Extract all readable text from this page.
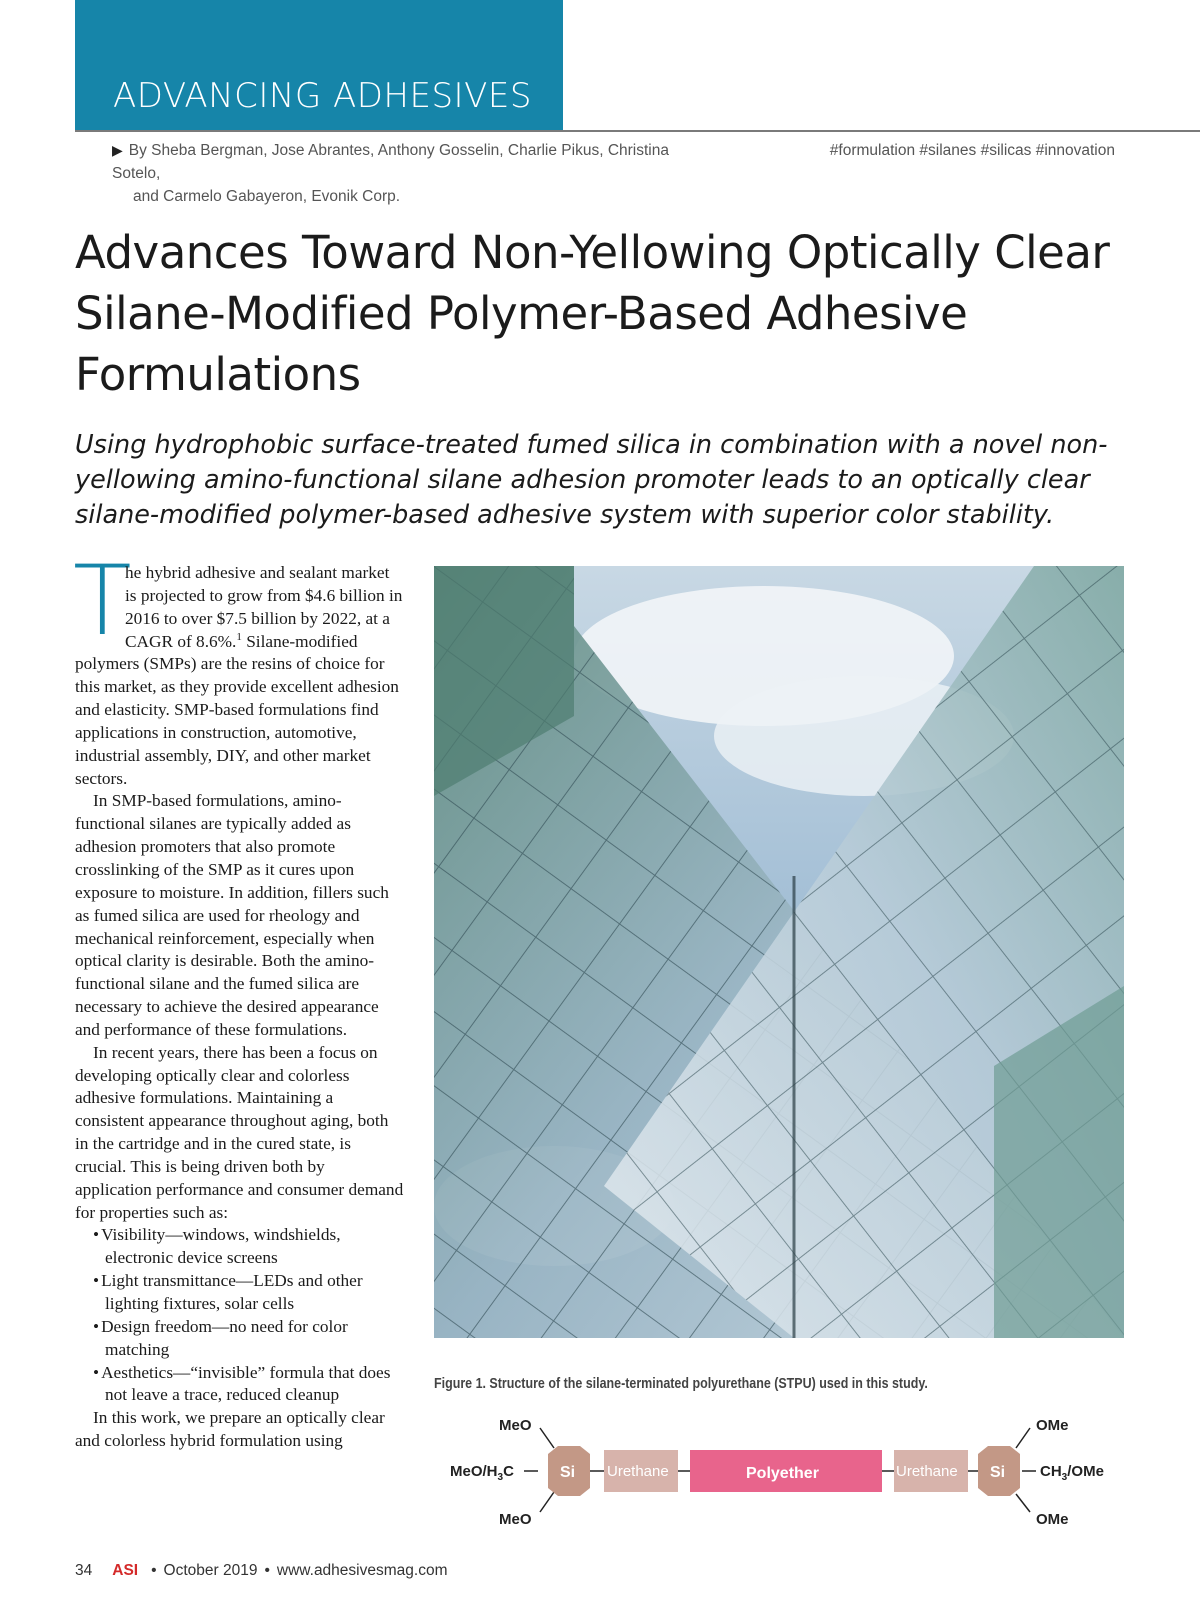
ADVANCING ADHESIVES
▶ By Sheba Bergman, Jose Abrantes, Anthony Gosselin, Charlie Pikus, Christina Sotelo,
and Carmelo Gabayeron, Evonik Corp.
#formulation #silanes #silicas #innovation
Advances Toward Non-Yellowing Optically Clear Silane-Modified Polymer-Based Adhesive Formulations
Using hydrophobic surface-treated fumed silica in combination with a novel non-yellowing amino-functional silane adhesion promoter leads to an optically clear silane-modified polymer-based adhesive system with superior color stability.

T
he hybrid adhesive and sealant market is projected to grow from $4.6 billion in 2016 to over $7.5 billion by 2022, at a CAGR of 8.6%.$^1$ Silane-modified polymers (SMPs) are the resins of choice for this market, as they provide excellent adhesion and elasticity. SMP-based formulations find applications in construction, automotive, industrial assembly, DIY, and other market sectors.

In SMP-based formulations, amino-functional silanes are typically added as adhesion promoters that also promote crosslinking of the SMP as it cures upon exposure to moisture. In addition, fillers such as fumed silica are used for rheology and mechanical reinforcement, especially when optical clarity is desirable. Both the amino-functional silane and the fumed silica are necessary to achieve the desired appearance and performance of these formulations.

In recent years, there has been a focus on developing optically clear and colorless adhesive formulations. Maintaining a consistent appearance throughout aging, both in the cartridge and in the cured state, is crucial. This is being driven both by application performance and consumer demand for properties such as:

• Visibility—windows, windshields, electronic device screens
• Light transmittance—LEDs and other lighting fixtures, solar cells
• Design freedom—no need for color matching
• Aesthetics—“invisible” formula that does not leave a trace, reduced cleanup

In this work, we prepare an optically clear and colorless hybrid formulation using

Figure 1. Structure of the silane-terminated polyurethane (STPU) used in this study.
MeO
MeO/$H_3C$
MeO
Si Urethane	Polyether	Urethane Si
OMe
$CH_3$/OMe
OMe
34 ASI • October 2019 • www.adhesivesmag.com
